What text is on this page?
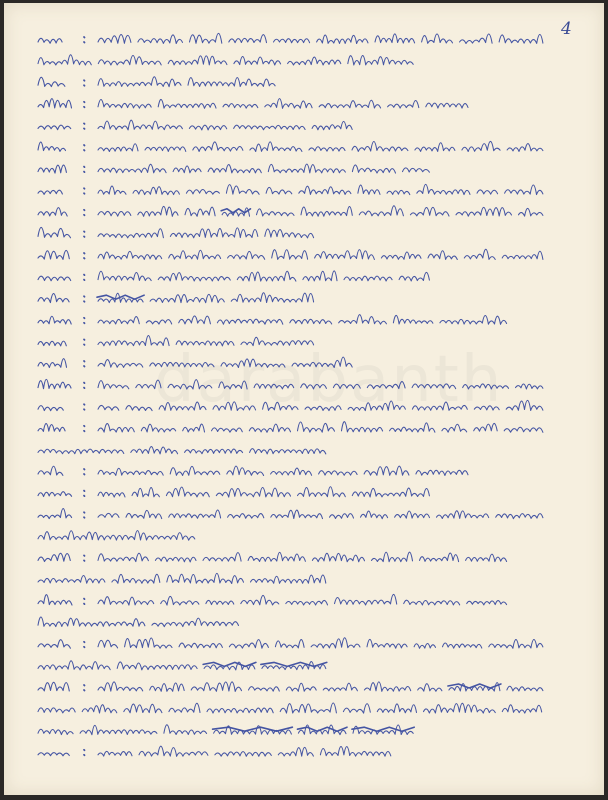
darabanth
4
